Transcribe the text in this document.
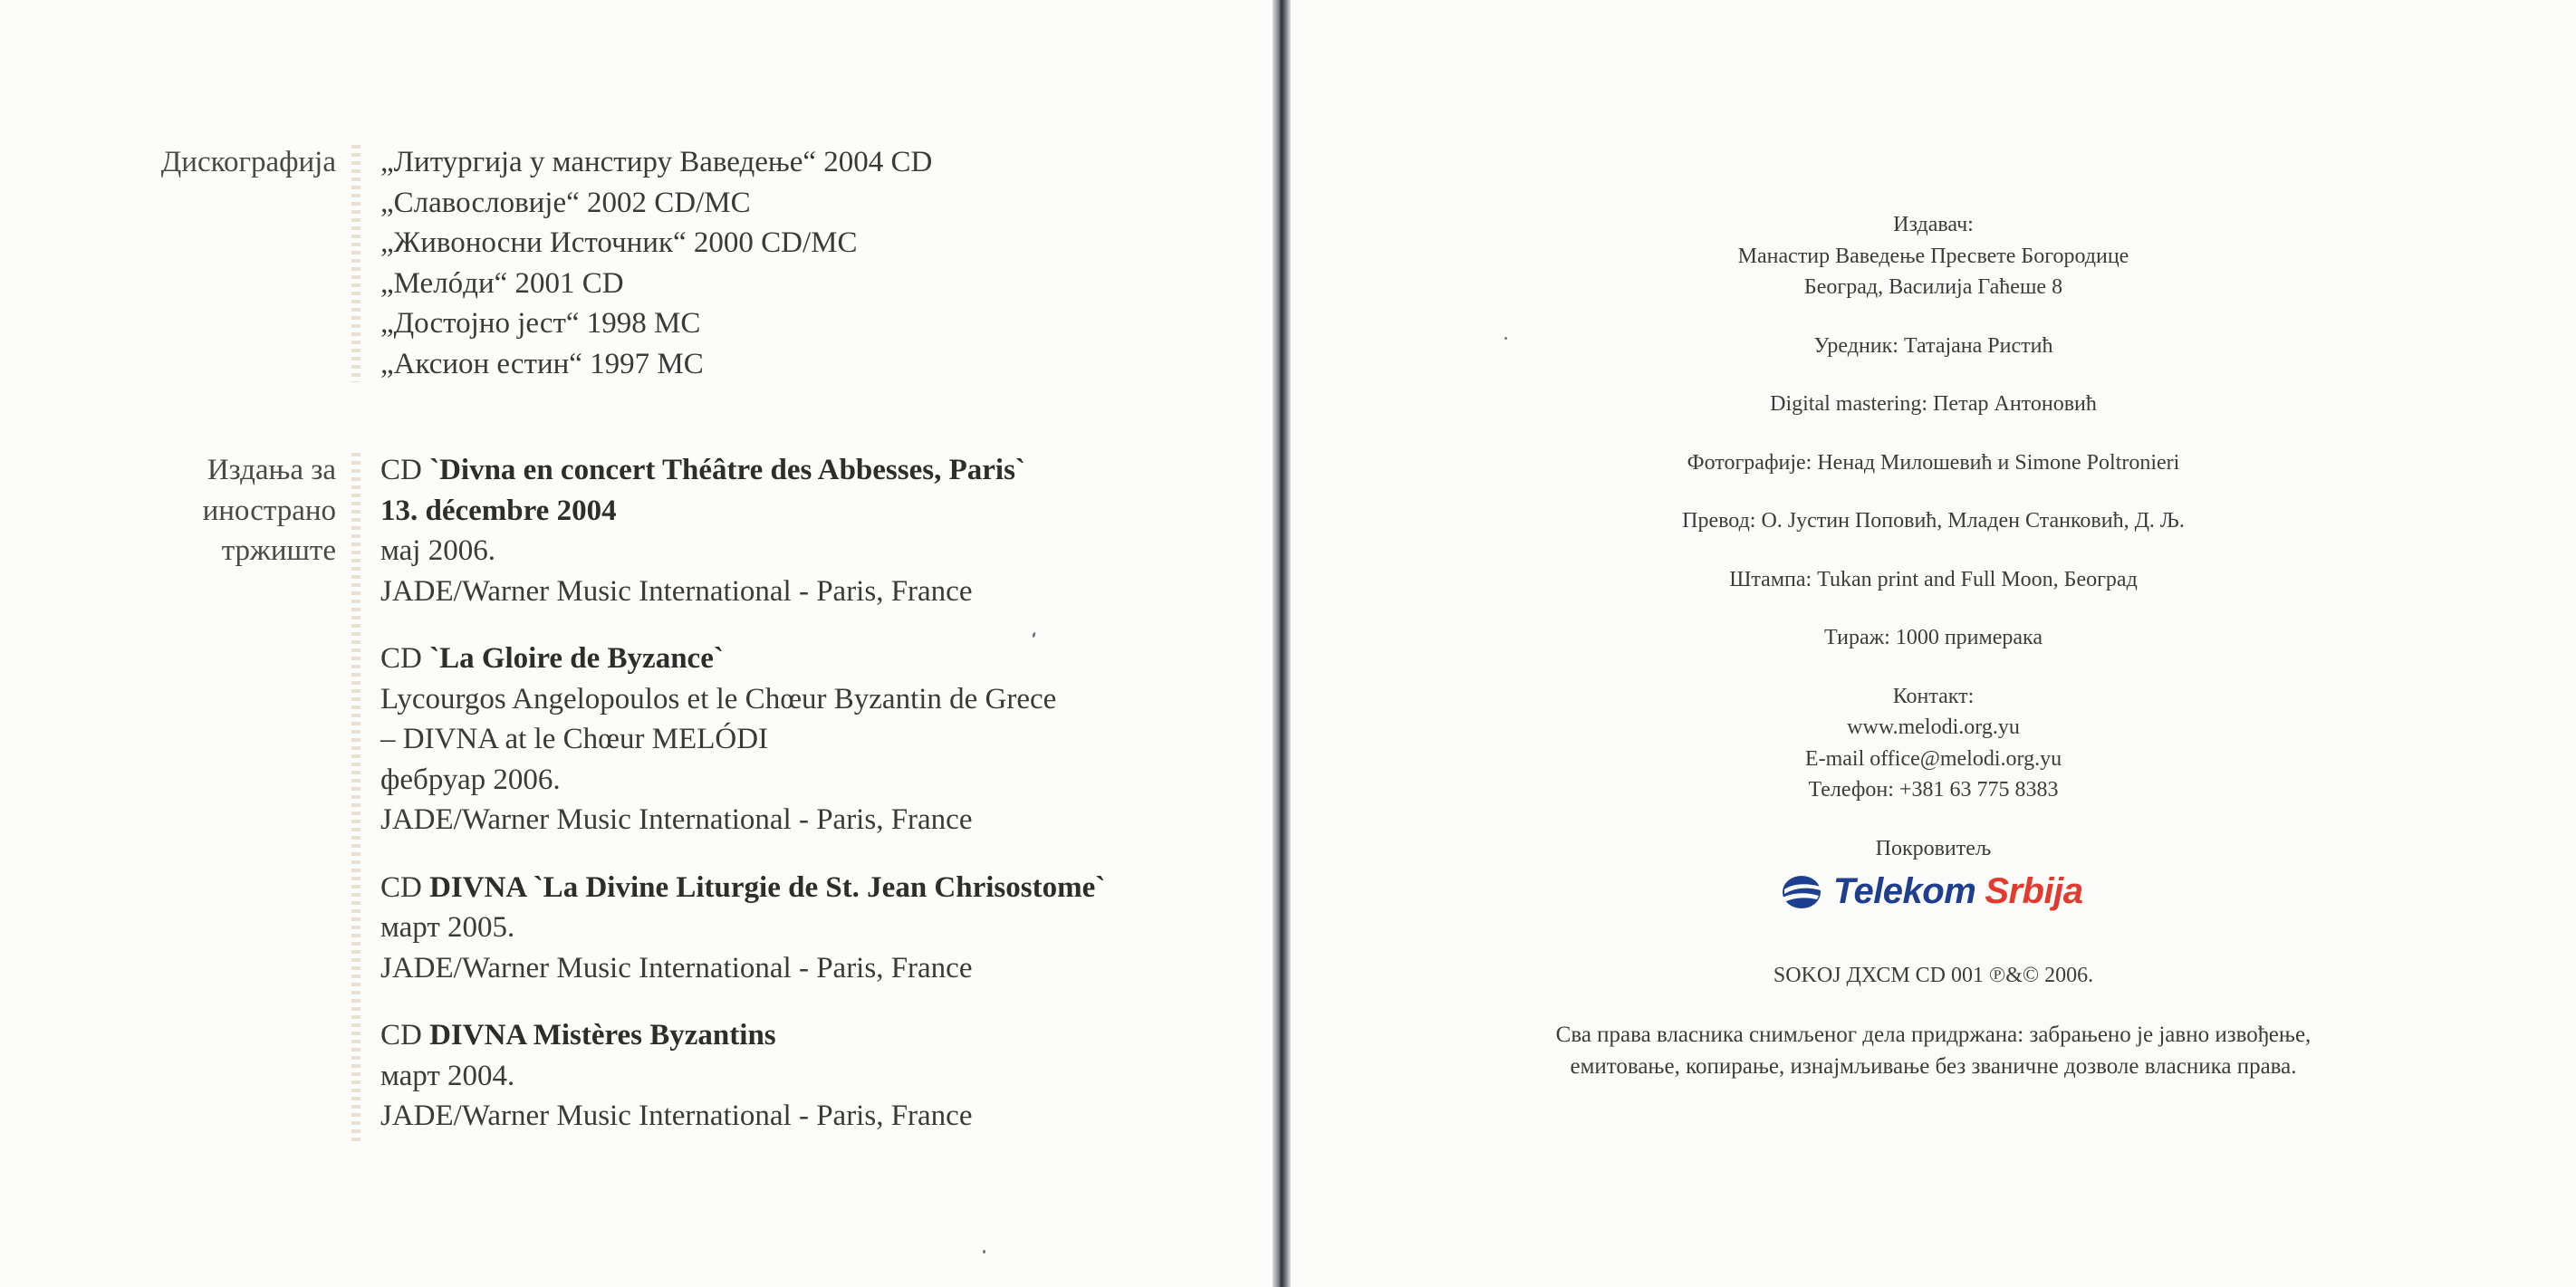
Дискографија „Литургија у манстиру Ваведење“ 2004 CD
„Славословије“ 2002 CD/MC
„Живоносни Источник“ 2000 CD/MC
„Мелóди“ 2001 CD
„Достојно јест“ 1998 MC
„Аксион естин“ 1997 MC
Издања за
инострано
тржиште
CD `Divna en concert Théâtre des Abbesses, Paris`
13. décembre 2004
мај 2006.
JADE/Warner Music International - Paris, France
CD `La Gloire de Byzance`
Lycourgos Angelopoulos et le Chœur Byzantin de Grece
– DIVNA at le Chœur MELÓDI
фебруар 2006.
JADE/Warner Music International - Paris, France
CD DIVNA `La Divine Liturgie de St. Jean Chrisostome`
март 2005.
JADE/Warner Music International - Paris, France
CD DIVNA Mistères Byzantins
март 2004.
JADE/Warner Music International - Paris, France
Издавач:
Манастир Ваведење Пресвете Богородице
Београд, Василија Гаћеше 8
Уредник: Татајана Ристић
Digital mastering: Петар Антоновић
Фотографије: Ненад Милошевић и Simone Poltronieri
Превод: О. Јустин Поповић, Младен Станковић, Д. Љ.
Штампа: Tukan print and Full Moon, Београд
Тираж: 1000 примерака
Контакт:
www.melodi.org.yu
E-mail office@melodi.org.yu
Телефон: +381 63 775 8383
Покровитељ
SOKOJ ДХСМ CD 001 ℗&© 2006.
Сва права власника снимљеног дела придржана: забрањено је јавно извођење,
емитовање, копирање, изнајмљивање без званичне дозволе власника права.
Telekom Srbija
